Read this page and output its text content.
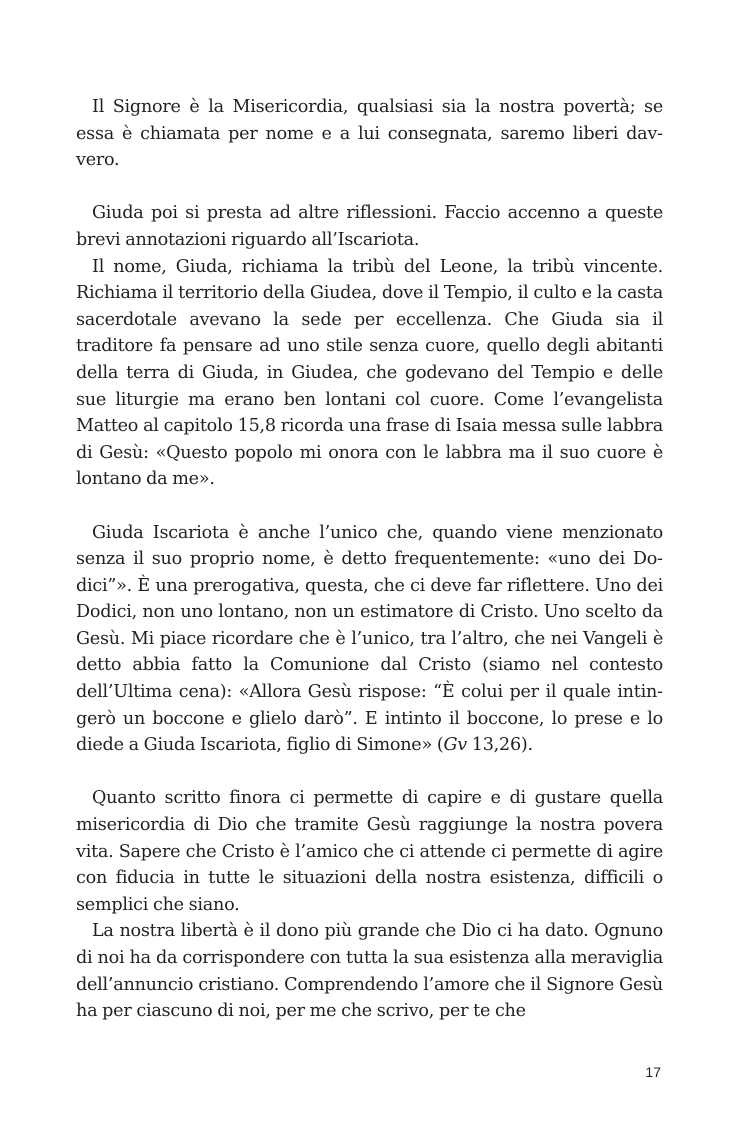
Il Signore è la Misericordia, qualsiasi sia la nostra povertà; se essa è chiamata per nome e a lui consegnata, saremo liberi davvero.

Giuda poi si presta ad altre riflessioni. Faccio accenno a queste brevi annotazioni riguardo all’Iscariota.

Il nome, Giuda, richiama la tribù del Leone, la tribù vincente. Richiama il territorio della Giudea, dove il Tempio, il culto e la casta sacerdotale avevano la sede per eccellenza. Che Giuda sia il traditore fa pensare ad uno stile senza cuore, quello degli abitanti della terra di Giuda, in Giudea, che godevano del Tempio e delle sue liturgie ma erano ben lontani col cuore. Come l’evangelista Matteo al capitolo 15,8 ricorda una frase di Isaia messa sulle labbra di Gesù: «Questo popolo mi onora con le labbra ma il suo cuore è lontano da me».

Giuda Iscariota è anche l’unico che, quando viene menzionato senza il suo proprio nome, è detto frequentemente: «uno dei Dodici”». È una prerogativa, questa, che ci deve far riflettere. Uno dei Dodici, non uno lontano, non un estimatore di Cristo. Uno scelto da Gesù. Mi piace ricordare che è l’unico, tra l’altro, che nei Vangeli è detto abbia fatto la Comunione dal Cristo (siamo nel contesto dell’Ultima cena): «Allora Gesù rispose: “È colui per il quale intingerò un boccone e glielo darò”. E intinto il boccone, lo prese e lo diede a Giuda Iscariota, figlio di Simone» (Gv 13,26).

Quanto scritto finora ci permette di capire e di gustare quella misericordia di Dio che tramite Gesù raggiunge la nostra povera vita. Sapere che Cristo è l’amico che ci attende ci permette di agire con fiducia in tutte le situazioni della nostra esistenza, difficili o semplici che siano.

La nostra libertà è il dono più grande che Dio ci ha dato. Ognuno di noi ha da corrispondere con tutta la sua esistenza alla meraviglia dell’annuncio cristiano. Comprendendo l’amore che il Signore Gesù ha per ciascuno di noi, per me che scrivo, per te che

17
